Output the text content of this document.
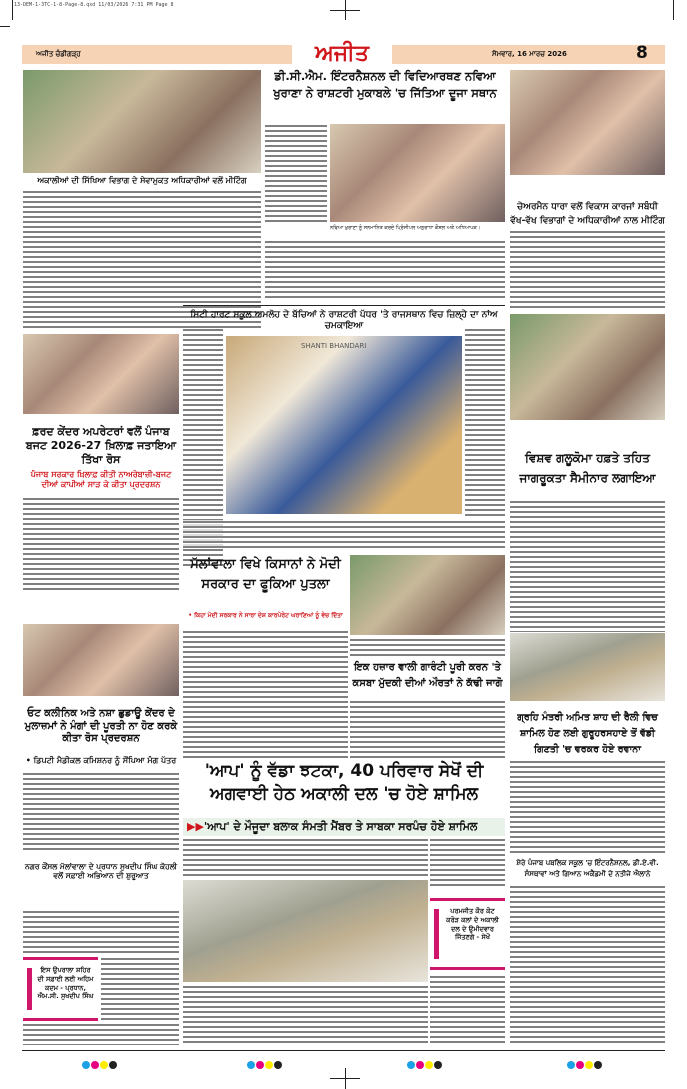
13-DEM-1-3TC-1-8-Page-8.qxd 11/03/2026 7:31 PM Page 8
ਅਜੀਤ ਚੰਡੀਗੜ੍ਹ	ਸੋਮਵਾਰ, 16 ਮਾਰਚ 2026
ਅਜੀਤ	8
ਅਕਾਲੀਆਂ ਦੀ ਸਿੱਖਿਆ ਵਿਭਾਗ ਦੇ ਸੇਵਾਮੁਕਤ ਅਧਿਕਾਰੀਆਂ ਵਲੋਂ ਮੀਟਿੰਗ
ਫ਼ਰਦ ਕੇਂਦਰ ਅਪਰੇਟਰਾਂ ਵਲੋਂ ਪੰਜਾਬ ਬਜਟ 2026-27 ਖ਼ਿਲਾਫ਼ ਜਤਾਇਆ ਤਿੱਖਾ ਰੋਸ
ਪੰਜਾਬ ਸਰਕਾਰ ਖ਼ਿਲਾਫ਼ ਕੀਤੀ ਨਾਅਰੇਬਾਜ਼ੀ-ਬਜਟ ਦੀਆਂ ਕਾਪੀਆਂ ਸਾੜ ਕੇ ਕੀਤਾ ਪ੍ਰਦਰਸ਼ਨ
ਓਟ ਕਲੀਨਿਕ ਅਤੇ ਨਸ਼ਾ ਛੁਡਾਊ ਕੇਂਦਰ ਦੇ ਮੁਲਾਜ਼ਮਾਂ ਨੇ ਮੰਗਾਂ ਦੀ ਪੂਰਤੀ ਨਾ ਹੋਣ ਕਰਕੇ ਕੀਤਾ ਰੋਸ ਪ੍ਰਦਰਸ਼ਨ
• ਡਿਪਟੀ ਮੈਡੀਕਲ ਕਮਿਸ਼ਨਰ ਨੂੰ ਸੌਂਪਿਆ ਮੰਗ ਪੱਤਰ
ਨਗਰ ਕੌਂਸਲ ਮੱਲਾਂਵਾਲਾ ਦੇ ਪ੍ਰਧਾਨ ਸੁਖਦੀਪ ਸਿੰਘ ਕੋਹਲੀ ਵਲੋਂ ਸਫ਼ਾਈ ਅਭਿਆਨ ਦੀ ਸ਼ੁਰੂਆਤ
ਇਸ ਉਪਰਾਲਾ ਸ਼ਹਿਰ ਦੀ ਸਫ਼ਾਈ ਲਈ ਅਹਿਮ ਕਦਮ - ਪ੍ਰਧਾਨ, ਐਮ.ਸੀ. ਸੁਖਦੀਪ ਸਿੰਘ
ਡੀ.ਸੀ.ਐਮ. ਇੰਟਰਨੈਸ਼ਨਲ ਦੀ ਵਿਦਿਆਰਥਣ ਨਵਿਆ ਖੁਰਾਣਾ ਨੇ ਰਾਸ਼ਟਰੀ ਮੁਕਾਬਲੇ 'ਚ ਜਿੱਤਿਆ ਦੂਜਾ ਸਥਾਨ
ਨਵਿਆ ਖੁਰਾਣਾ ਨੂੰ ਸਨਮਾਨਿਤ ਕਰਦੇ ਪ੍ਰਿੰਸੀਪਲ ਅਨੁਰਾਧਾ ਕੌਸ਼ਲ ਅਤੇ ਅਧਿਆਪਕ।
ਸਿਟੀ ਹਾਰਟ ਸਕੂਲ ਅਮਲੋਹ ਦੇ ਬੱਚਿਆਂ ਨੇ ਰਾਸ਼ਟਰੀ ਪੱਧਰ 'ਤੇ ਰਾਜਸਥਾਨ ਵਿਚ ਜ਼ਿਲ੍ਹੇ ਦਾ ਨਾਂਅ ਚਮਕਾਇਆ
SHANTI BHANDARI
ਮੱਲਾਂਵਾਲਾ ਵਿਖੇ ਕਿਸਾਨਾਂ ਨੇ ਮੋਦੀ ਸਰਕਾਰ ਦਾ ਫੂਕਿਆ ਪੁਤਲਾ
• ਕਿਹਾ ਮੋਦੀ ਸਰਕਾਰ ਨੇ ਸਾਰਾ ਦੇਸ਼ ਕਾਰਪੋਰੇਟ ਘਰਾਣਿਆਂ ਨੂੰ ਵੇਚ ਦਿੱਤਾ
ਇਕ ਹਜ਼ਾਰ ਵਾਲੀ ਗਾਰੰਟੀ ਪੂਰੀ ਕਰਨ 'ਤੇ ਕਸਬਾ ਮੁੱਦਕੀ ਦੀਆਂ ਔਰਤਾਂ ਨੇ ਕੱਢੀ ਜਾਗੋ
'ਆਪ' ਨੂੰ ਵੱਡਾ ਝਟਕਾ, 40 ਪਰਿਵਾਰ ਸੇਖੋਂ ਦੀ ਅਗਵਾਈ ਹੇਠ ਅਕਾਲੀ ਦਲ 'ਚ ਹੋਏ ਸ਼ਾਮਿਲ
▶▶'ਆਪ' ਦੇ ਮੌਜੂਦਾ ਬਲਾਕ ਸੰਮਤੀ ਮੈਂਬਰ ਤੇ ਸਾਬਕਾ ਸਰਪੰਚ ਹੋਏ ਸ਼ਾਮਿਲ
ਪਰਮਜੀਤ ਕੌਰ ਕੋਟ ਕਰੋੜ ਕਲਾਂ ਦੇ ਅਕਾਲੀ ਦਲ ਦੇ ਉਮੀਦਵਾਰ ਜਿੱਤਣਗੇ - ਸੇਖੋਂ
ਚੇਅਰਮੈਨ ਧਾਰਾ ਵਲੋਂ ਵਿਕਾਸ ਕਾਰਜਾਂ ਸਬੰਧੀ ਵੱਖ-ਵੱਖ ਵਿਭਾਗਾਂ ਦੇ ਅਧਿਕਾਰੀਆਂ ਨਾਲ ਮੀਟਿੰਗ
ਵਿਸ਼ਵ ਗਲੂਕੋਮਾ ਹਫ਼ਤੇ ਤਹਿਤ ਜਾਗਰੂਕਤਾ ਸੈਮੀਨਾਰ ਲਗਾਇਆ
ਗ੍ਰਹਿ ਮੰਤਰੀ ਅਮਿਤ ਸ਼ਾਹ ਦੀ ਰੈਲੀ ਵਿਚ ਸ਼ਾਮਿਲ ਹੋਣ ਲਈ ਗੁਰੂਹਰਸਹਾਏ ਤੋਂ ਵੱਡੀ ਗਿਣਤੀ 'ਚ ਵਰਕਰ ਹੋਏ ਰਵਾਨਾ
ਸ਼ੇਰੇ ਪੰਜਾਬ ਪਬਲਿਕ ਸਕੂਲ 'ਚ ਇੰਟਰਨੈਸ਼ਨਲ, ਡੀ.ਏ.ਵੀ. ਸੰਸਥਾਵਾਂ ਅਤੇ ਗਿਆਨ ਅਕੈਡਮੀ ਦੇ ਨਤੀਜੇ ਐਲਾਨੇ
